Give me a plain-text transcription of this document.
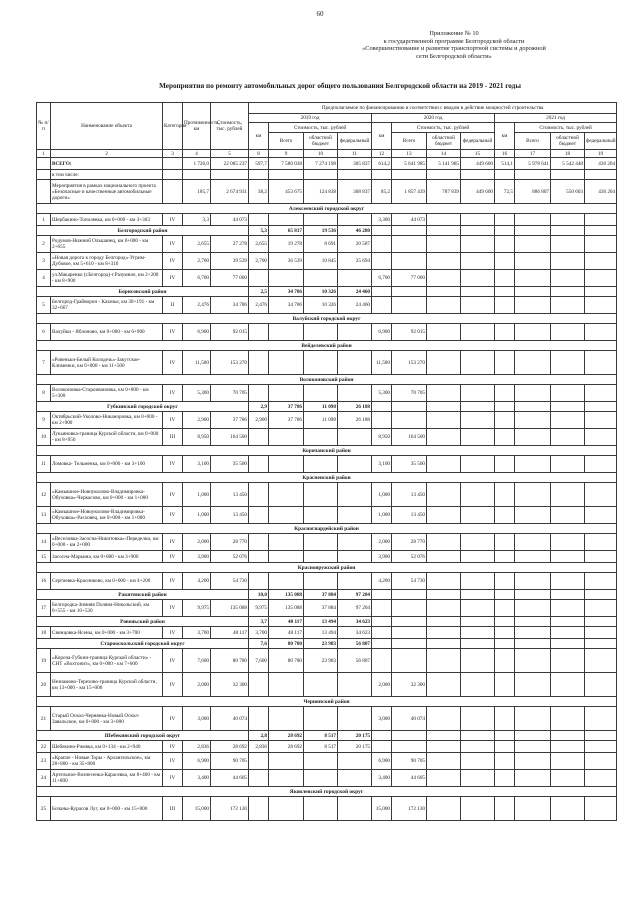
60
Приложение № 10
к государственной программе Белгородской области
«Совершенствование и развитие транспортной системы и дорожной
сети Белгородской области»
Мероприятия по ремонту автомобильных дорог общего пользования Белгородской области на 2019 - 2021 годы
№ п/п	Наименование объекта	Категория	Протяженность, км	Стоимость, тыс. рублей	Предполагаемое по финансированию в соответствии с вводом в действие мощностей строительства											
					2019 год				2020 год				2021 год			
					км	Стоимость, тыс. рублей			км	Стоимость, тыс. рублей			км	Стоимость, тыс. рублей		
						Всего	областной бюджет	федеральный		Всего	областной бюджет	федеральный		Всего	областной бюджет	федеральный
1	2	3	4	5	8	9	10	11	12	13	14	15	16	17	18	19
	ВСЕГО:		1 726,0	22 085 237	597,7	7 580 038	7 274 198	305 837	614,2	5 641 985	5 141 985	449 600	514,1	5 978 641	5 542 448	436 204
	в том числе:															
	Мероприятия в рамках национального проекта «Безопасные и качественные автомобильные дороги»		185,7	2 674 931	38,2	453 675	124 838	308 837	85,2	1 857 439	787 839	449 600	72,5	886 807	550 603	436 204
Алексеевский городской округ																
1	Шербакино-Тополевка, км 0+000 - км 3+303	IV	3,3	44 073					3,300	44 073						
Белгородский район					5,3	65 817	19 536	46 280								
2	Родумов-Нижний Ольшанец, км 0+000 - км 2+655	IV	2,655	27 278	2,655	19 278	8 691	20 587								
3	«Новая дорога к городу Белгород»-Угрим-Дубовое, км 5+610 - км 8+310	IV	2,700	39 539	2,700	36 539	10 845	25 694								
4	ул.Макаренко (г.Белгород)-г.Разумное, км 2+200 - км 8+900	IV	6,700	77 000					6,700	77 000						
Борисовский район					2,5	34 786	10 326	24 460								
5	Белгород-Грайворон - Казачье, км 30+191 - км 32+667	II	2,476	34 786	2,476	34 786	10 326	24 460								
Валуйский городской округ																
6	Валуйки - Яблоново, км 0+000 - км 6+900	IV	6,900	92 015					6,900	92 015						
Вейделевский район																
7	«Ровеньки-Белый Колодезь»-Закутское-Клименки, км 0+000 - км 11+500	IV	11,500	153 270					11,500	153 270						
Волоконовский район																
8	Волоконовка-Староивановка, км 0+000 - км 5+300	IV	5,300	70 705					5,300	70 705						
Губкинский городской округ					2,9	37 786	11 098	26 188								
9	Октябрьский-Уколово-Никаноровка, км 0+000 - км 2+900	IV	2,900	37 786	2,900	37 786	11 098	26 188								
10	Лукьяновка-граница Курской области, км 0+000 - км 8+950	III	8,950	164 500					8,950	164 500						
Корочанский район																
11	Ломовка- Тельменка, км 0+000 - км 3+100	IV	3,100	35 500					3,100	35 500						
Красненский район																
12	«Камышное-Новоуколово-Владимировка-Обуховка»-Черкасово, км 0+000 - км 1+000	IV	1,000	13 450					1,000	13 450						
13	«Камышное-Новоуколово-Владимировка-Обуховка»-Расховец, км 0+000 - км 1+000	IV	1,000	13 450					1,000	13 450						
Красногвардейский район																
14	«Веселовка-Засосна-Никитовка»-Переделки, км 0+000 - км 2+000	IV	2,000	28 770					2,000	28 770						
15	Засосна-Марьина, км 0+000 - км 3+900	IV	3,900	52 076					3,900	52 076						
Краснояружский район																
16	Сергиевка-Красниково, км 0+000 - км 4+200	IV	4,200	54 730					4,200	54 730						
Ракитянский район					10,0	135 088	37 884	97 204								
17	Белгородка-Зимняя Поляна-Никольский, км 0+555 - км 10+530	IV	9,975	135 088	9,975	135 088	37 884	97 204								
Ровеньский район					3,7	48 117	13 494	34 623								
18	Свинцовка-Ясены, км 0+000 - км 3+700	IV	3,700	48 117	3,700	48 117	13 494	34 623								
Старооскольский городской округ					7,6	80 780	23 983	56 807								
19	«Короча-Губкин-граница Курской области» - СНТ «Вохтонит», км 0+000 - км 7+600	IV	7,600	80 780	7,600	80 780	23 983	56 807								
20	Незнамово-Терехово-граница Курской области, км 13+000 - км 15+000	IV	2,000	32 300					2,000	32 300						
Чернянский район																
21	Старый Оскол-Чернянка-Новый Оскол-Завальское, км 0+000 - км 3+000	IV	3,000	40 074					3,000	40 074						
Шебекинский городской округ					2,8	28 692	8 517	20 175								
22	Шебекино-Ржевка, км 0+134 - км 2+940	IV	2,836	28 692	2,836	28 692	8 517	20 175								
23	«Крапле - Новые Торы - Архангельское», км 28+800 - км 35+800	IV	6,900	90 705					6,900	90 705						
24	Артельное-Вознесенка-Карасевка, км 8+400 - км 11+800	IV	3,400	44 605					3,400	44 605						
Яковлевский городской округ																
25	Бочаны-Курасов Луг, км 0+000 - км 15+000	III	15,000	172 130					15,000	172 130						
